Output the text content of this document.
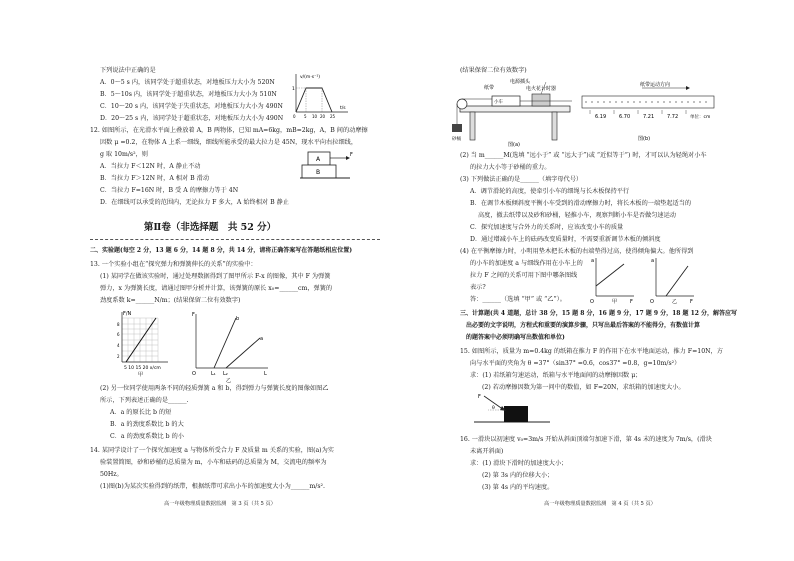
下列说法中正确的是
A．0～5 s 内，该同学处于超重状态，对地板压力大小为 520N
B．5～10s 内，该同学处于超重状态，对地板压力大小为 510N
C．10～20 s 内，该同学处于失重状态，对地板压力大小为 490N
D．20～25 s 内，该同学处于超重状态，对地板压力大小为 490N
v/(m·s⁻¹)
1
t/s
0 5 10 20 25
12. 如图所示，在光滑水平面上叠放着 A，B 两物体，已知 mA=6kg，mB=2kg，A，B 间的动摩擦
因数 μ =0.2，在物体 A 上系一细线，细线所能承受的最大拉力是 45N，现水平向右拉细线，
g 取 10m/s²，则
A．当拉力 F＜12N 时，A 静止不动
B．当拉力 F＞12N 时，A 相对 B 滑动
C．当拉力 F=16N 时，B 受 A 的摩擦力等于 4N
D．在细线可以承受的范围内，无论拉力 F 多大，A 始终相对 B 静止
A
B
F
第Ⅱ卷（非选择题　共 52 分）
二、实验题(每空 2 分，13 题 6 分，14 题 8 分，共 14 分，请将正确答案写在答题纸相应位置)
13. 一个实验小组在“探究弹力和弹簧伸长的关系”的实验中：
(1) 某同学在做该实验时，通过处理数据得到了图甲所示 F-x 的图像，其中 F 为弹簧
弹力，x 为弹簧长度，请通过图甲分析并计算，该弹簧的原长 x₀=______cm，弹簧的
劲度系数 k=______N/m；(结果保留二位有效数字)
F/N
8
6
4
2
5 10 15 20 x/cm
甲
F
b
a
O	L₁ L₂	L
乙
(2) 另一位同学使用两条不同的轻质弹簧 a 和 b，得到弹力与弹簧长度的图像如图乙
所示，下列表述正确的是______.
A．a 的原长比 b 的短
B．a 的劲度系数比 b 的大
C．a 的劲度系数比 b 的小
14. 某同学设计了一个探究加速度 a 与物体所受合力 F 及质量 m 关系的实验，图(a)为实
验装置简图，砂和砂桶的总质量为 m，小车和砝码的总质量为 M，交流电的频率为
50Hz。
(1)图(b)为某次实验得到的纸带，根据纸带可求出小车的加速度大小为______m/s².
高一年级物理质量数据监测　第 3 页（共 5 页）
(结果保留二位有效数字)
纸带
电源插头
电火花计时器
小车
砂桶
图(a)
纸带运动方向
6.19	6.70	7.21	7.72	单位：cm
图(b)
(2) 当 m______M(选填 “远小于” 或 “远大于”)或 “近似等于”) 时，才可以认为轻绳对小车
的拉力大小等于砂桶的重力。
(3) 下列做法正确的是______（填字母代号）
A．调节滑轮的高度，使牵引小车的细绳与长木板保持平行
B．在调节木板倾斜度平衡小车受到的滑动摩擦力时，将长木板的一端垫起适当的
高度，撤去纸带以及砂和砂桶，轻推小车，观察判断小车是否做匀速运动
C．探究加速度与合外力的关系时，应该改变小车的质量
D．通过增减小车上的砝码改变质量时，不需要重新调节木板的倾斜度
(4) 在平衡摩擦力时，小明用垫木把长木板的右端垫得过高，使得倾角偏大。他所得到
的小车的加速度 a 与细线作用在小车上的
拉力 F 之间的关系可用下图中哪条图线
表示?
答：______（选填 “甲” 或 “乙”）。
a
F
O	甲
a
F
O	乙
三、计算题(共 4 道题，总计 38 分，15 题 8 分，16 题 9 分，17 题 9 分，18 题 12 分，解答应写
出必要的文字说明，方程式和重要的演算步骤，只写出最后答案的不能得分，有数值计算
的题答案中必须明确写出数值和单位)
15. 如图所示，质量为 m=0.4kg 的纸箱在推力 F 的作用下在水平地面运动，推力 F=10N，方
向与水平面的夹角为 θ =37°（sin37° =0.6，cos37° =0.8，g=10m/s²）
求：(1) 若纸箱匀速运动，纸箱与水平地面间的动摩擦因数 μ；
(2) 若动摩擦因数为第一问中的数值，如 F=20N，求纸箱的加速度大小。
F
θ
16. 一滑块以初速度 v₀=3m/s 开始从斜面顶端匀加速下滑，第 4s 末的速度为 7m/s，(滑块
未离开斜面)
求：(1) 滑块下滑时的加速度大小；
(2) 第 3s 内的位移大小；
(3) 第 4s 内的平均速度。
高一年级物理质量数据监测　第 4 页（共 5 页）
